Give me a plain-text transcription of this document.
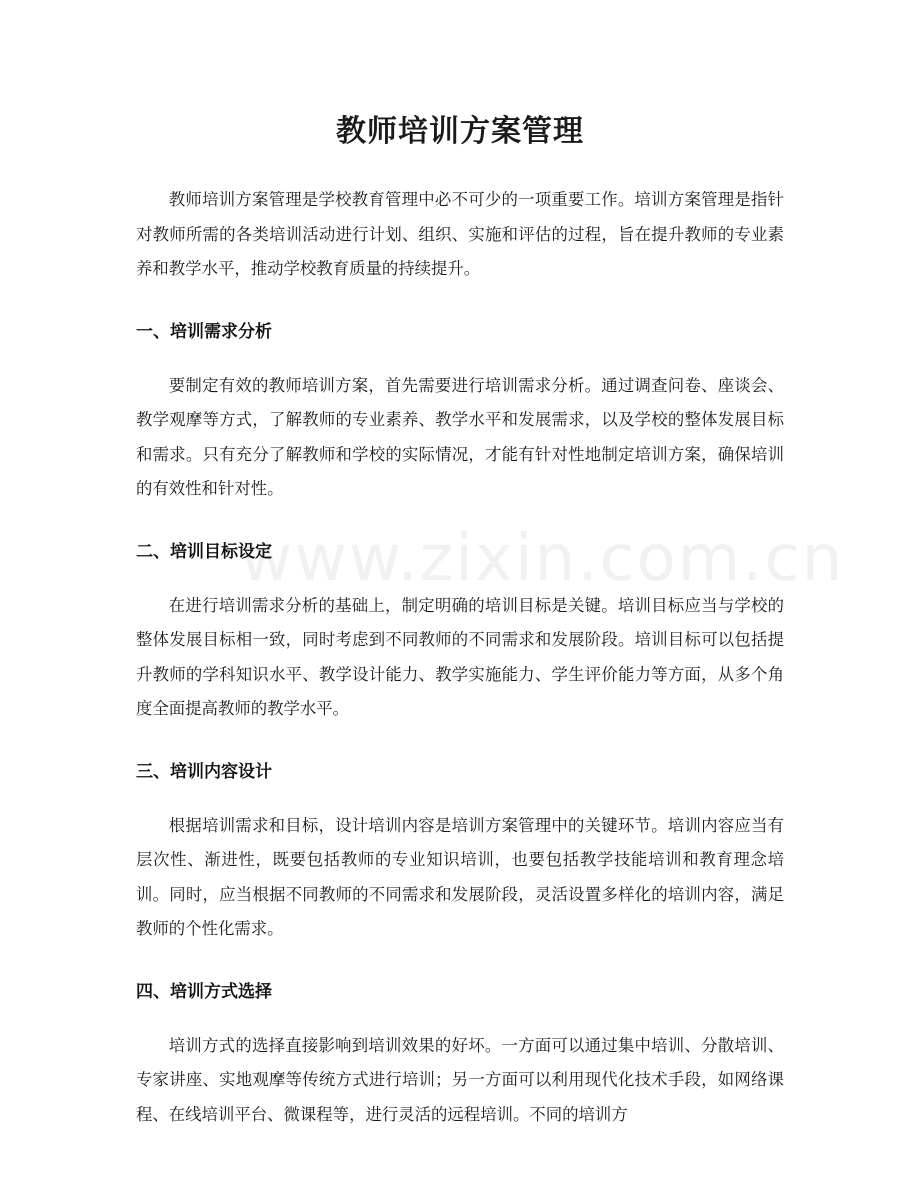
教师培训方案管理
www.zixin.com.cn

教师培训方案管理是学校教育管理中必不可少的一项重要工作。培训方案管理是指针对教师所需的各类培训活动进行计划、组织、实施和评估的过程，旨在提升教师的专业素养和教学水平，推动学校教育质量的持续提升。

一、培训需求分析

要制定有效的教师培训方案，首先需要进行培训需求分析。通过调查问卷、座谈会、教学观摩等方式，了解教师的专业素养、教学水平和发展需求，以及学校的整体发展目标和需求。只有充分了解教师和学校的实际情况，才能有针对性地制定培训方案，确保培训的有效性和针对性。

二、培训目标设定

在进行培训需求分析的基础上，制定明确的培训目标是关键。培训目标应当与学校的整体发展目标相一致，同时考虑到不同教师的不同需求和发展阶段。培训目标可以包括提升教师的学科知识水平、教学设计能力、教学实施能力、学生评价能力等方面，从多个角度全面提高教师的教学水平。

三、培训内容设计

根据培训需求和目标，设计培训内容是培训方案管理中的关键环节。培训内容应当有层次性、渐进性，既要包括教师的专业知识培训，也要包括教学技能培训和教育理念培训。同时，应当根据不同教师的不同需求和发展阶段，灵活设置多样化的培训内容，满足教师的个性化需求。

四、培训方式选择

培训方式的选择直接影响到培训效果的好坏。一方面可以通过集中培训、分散培训、专家讲座、实地观摩等传统方式进行培训；另一方面可以利用现代化技术手段，如网络课程、在线培训平台、微课程等，进行灵活的远程培训。不同的培训方
